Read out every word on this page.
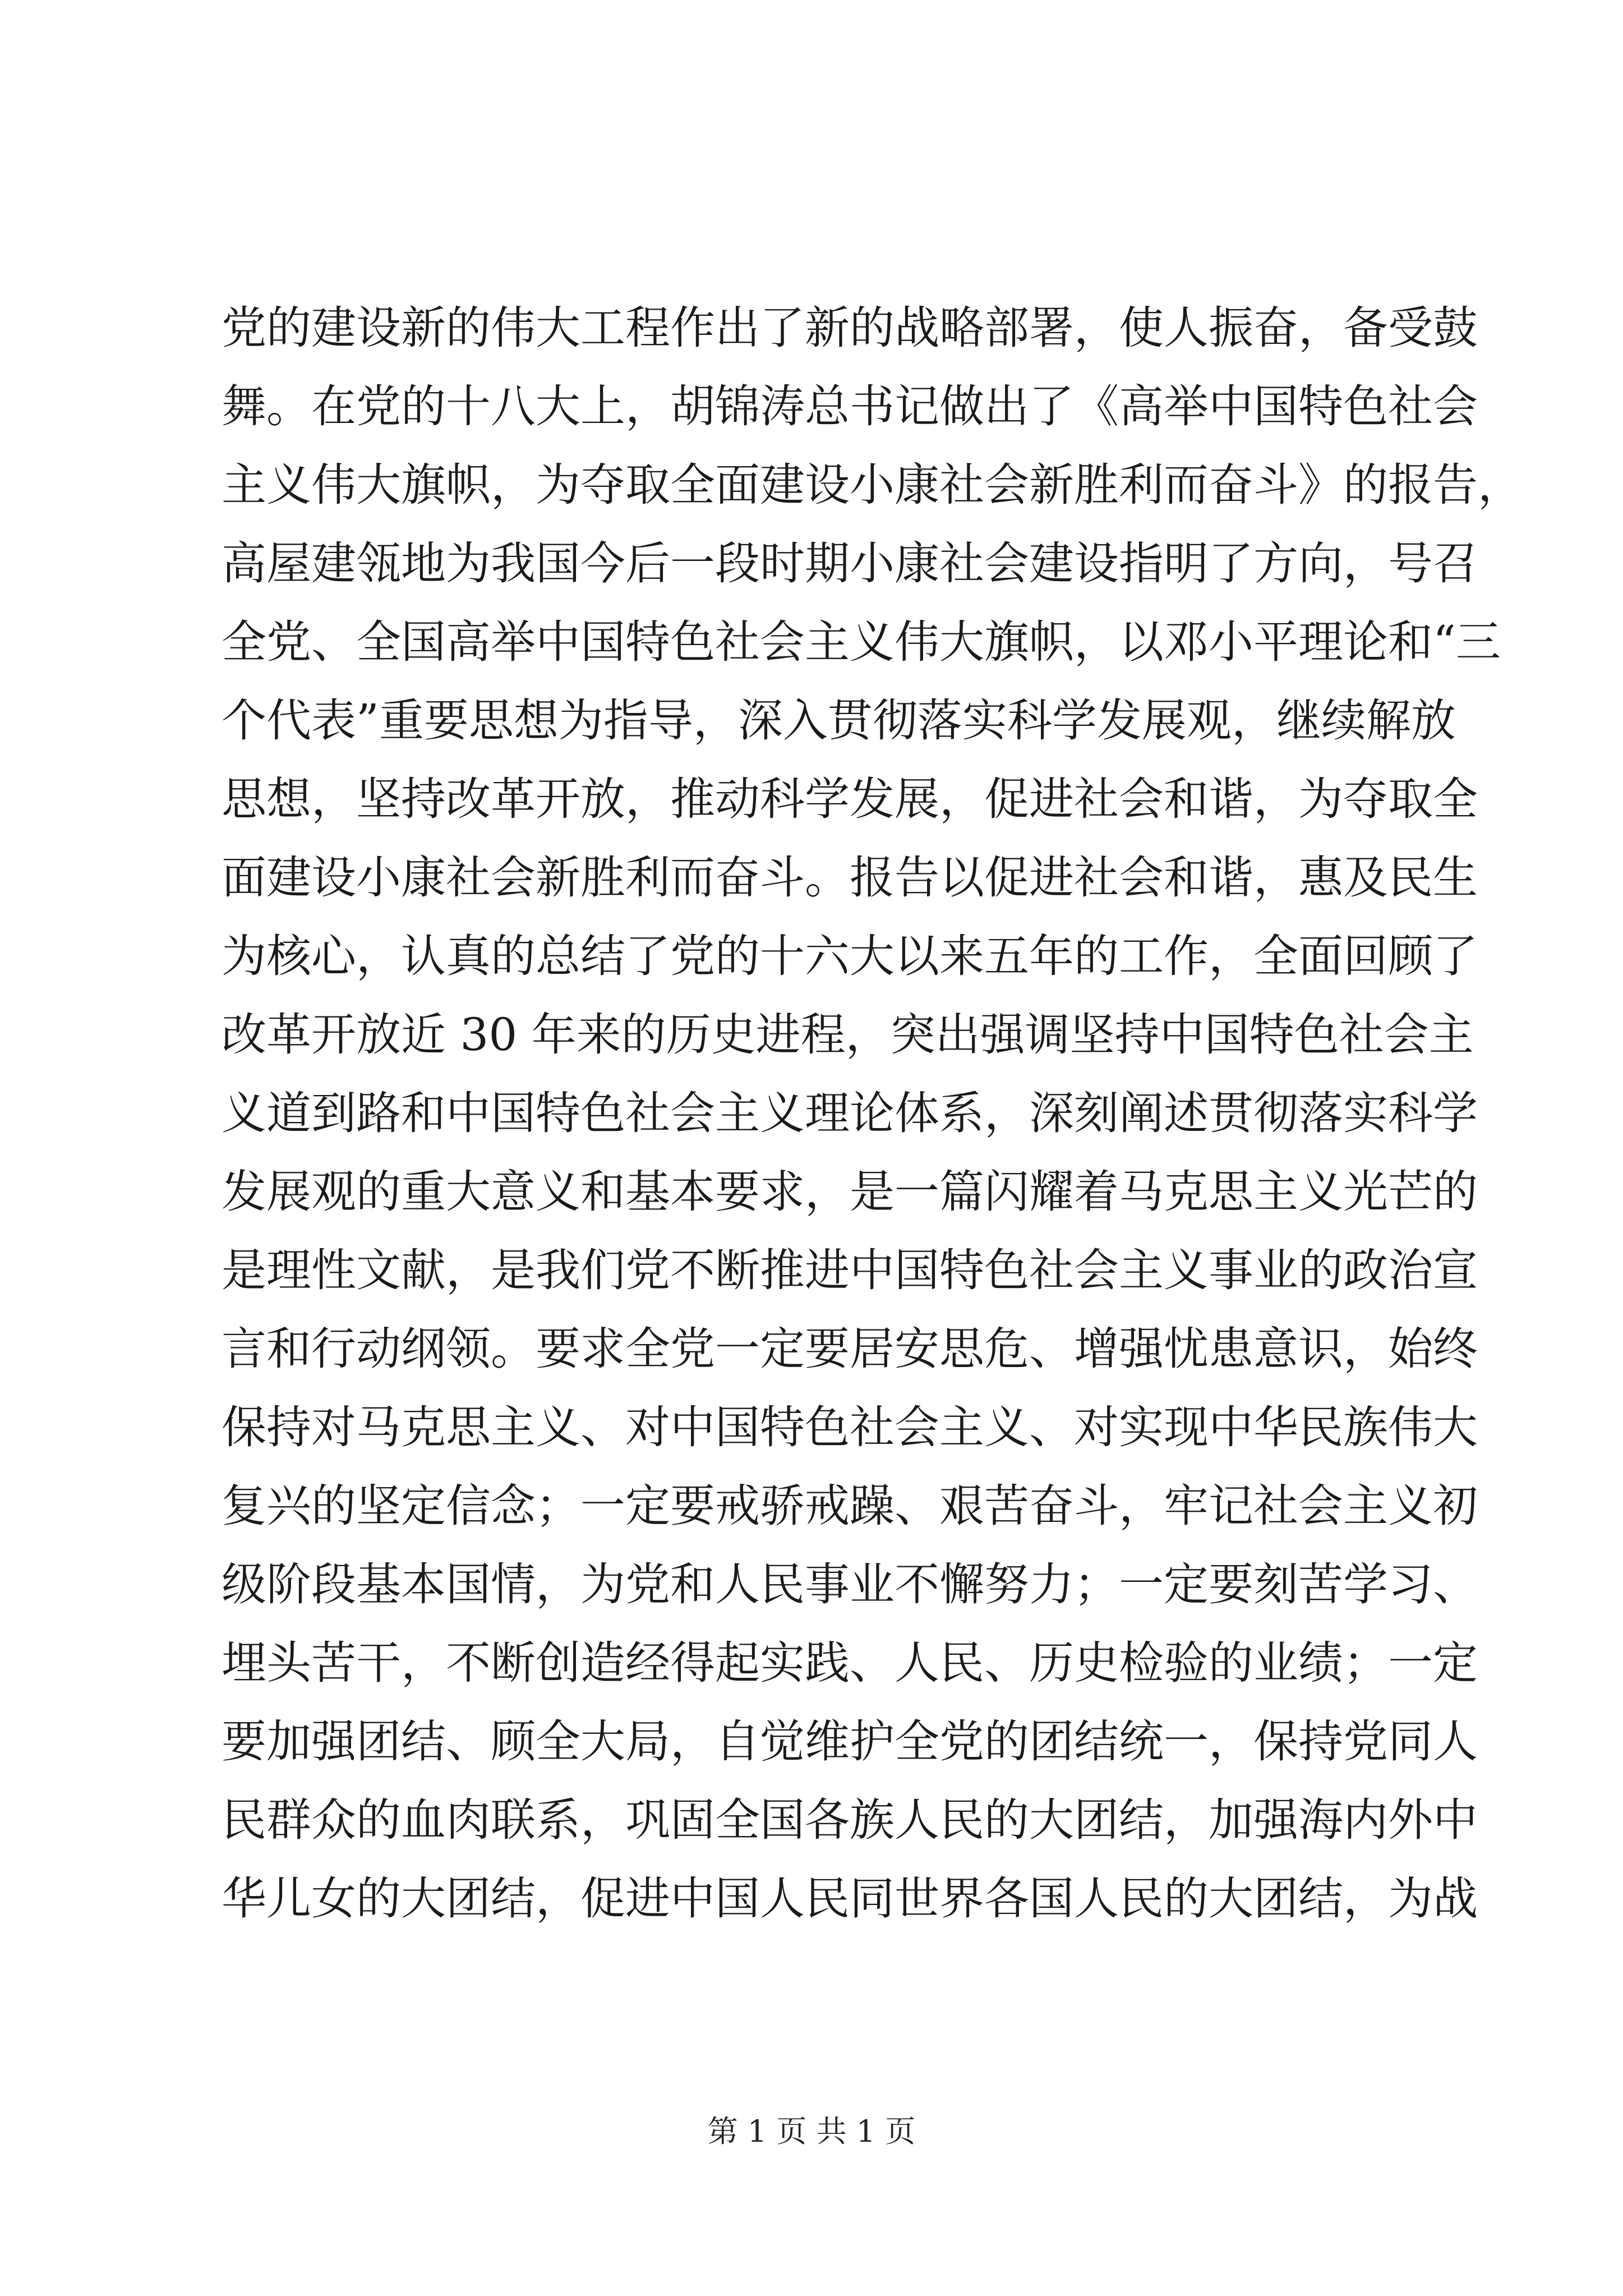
党的建设新的伟大工程作出了新的战略部署，使人振奋，备受鼓
舞。在党的十八大上，胡锦涛总书记做出了《高举中国特色社会
主义伟大旗帜，为夺取全面建设小康社会新胜利而奋斗》的报告，
高屋建瓴地为我国今后一段时期小康社会建设指明了方向，号召
全党、全国高举中国特色社会主义伟大旗帜，以邓小平理论和“三
个代表”重要思想为指导，深入贯彻落实科学发展观，继续解放
思想，坚持改革开放，推动科学发展，促进社会和谐，为夺取全
面建设小康社会新胜利而奋斗。报告以促进社会和谐，惠及民生
为核心，认真的总结了党的十六大以来五年的工作，全面回顾了
改革开放近 30 年来的历史进程，突出强调坚持中国特色社会主
义道到路和中国特色社会主义理论体系，深刻阐述贯彻落实科学
发展观的重大意义和基本要求，是一篇闪耀着马克思主义光芒的
是理性文献，是我们党不断推进中国特色社会主义事业的政治宣
言和行动纲领。要求全党一定要居安思危、增强忧患意识，始终
保持对马克思主义、对中国特色社会主义、对实现中华民族伟大
复兴的坚定信念；一定要戒骄戒躁、艰苦奋斗，牢记社会主义初
级阶段基本国情，为党和人民事业不懈努力；一定要刻苦学习、
埋头苦干，不断创造经得起实践、人民、历史检验的业绩；一定
要加强团结、顾全大局，自觉维护全党的团结统一，保持党同人
民群众的血肉联系，巩固全国各族人民的大团结，加强海内外中
华儿女的大团结，促进中国人民同世界各国人民的大团结，为战
第 1 页 共 1 页
